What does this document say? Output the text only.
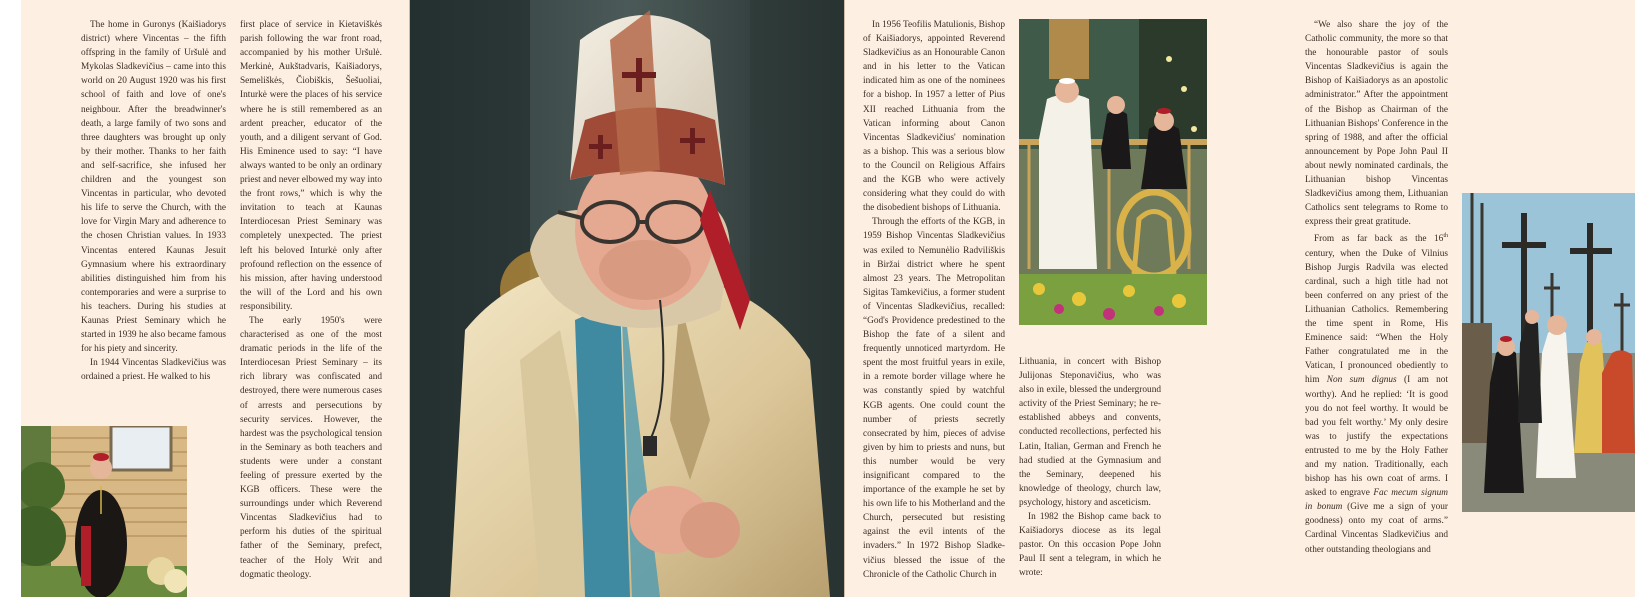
The home in Guronys (Kaišiadorys district) where Vincentas – the fifth offspring in the family of Uršulė and Mykolas Sladkevičius – came into this world on 20 August 1920 was his first school of faith and love of one's neighbour. After the breadwinner's death, a large family of two sons and three daughters was brought up only by their mother. Thanks to her faith and self-sacrifice, she infused her children and the youngest son Vincentas in particular, who devoted his life to serve the Church, with the love for Virgin Mary and adherence to the chosen Christian values. In 1933 Vincentas entered Kaunas Jesuit Gymnasium where his extraordinary abilities distinguished him from his contemporaries and were a surprise to his teachers. During his studies at Kaunas Priest Seminary which he started in 1939 he also became famous for his piety and sincerity.

In 1944 Vincentas Sladkevičius was ordained a priest. He walked to his

first place of service in Kietaviškės parish following the war front road, accompanied by his mother Uršulė. Merkinė, Aukštadvaris, Kaišiadorys, Semeliškės, Čiobiškis, Šešuoliai, Inturkė were the places of his service where he is still remembered as an ardent preacher, educator of the youth, and a diligent servant of God. His Eminence used to say: “I have always wanted to be only an ordinary priest and never elbowed my way into the front rows,” which is why the invitation to teach at Kaunas Interdiocesan Priest Seminary was completely unexpected. The priest left his beloved Inturkė only after profound reflection on the essence of his mission, after having understood the will of the Lord and his own responsibility.

The early 1950's were characterised as one of the most dramatic periods in the life of the Interdiocesan Priest Seminary – its rich library was confiscated and destroyed, there were numerous cases of arrests and persecutions by security services. However, the hardest was the psychological tension in the Seminary as both teachers and students were under a constant feeling of pressure exerted by the KGB officers. These were the surroundings under which Reverend Vincentas Sladkevičius had to perform his duties of the spiritual father of the Seminary, prefect, teacher of the Holy Writ and dogmatic theology.

In 1956 Teofilis Matulionis, Bishop of Kaišiadorys, appointed Reverend Sladkevičius as an Honourable Canon and in his letter to the Vatican indicated him as one of the nominees for a bishop. In 1957 a letter of Pius XII reached Lithuania from the Vatican informing about Canon Vincentas Sladkevičius' nomination as a bishop. This was a serious blow to the Council on Religious Affairs and the KGB who were actively considering what they could do with the disobedient bishops of Lithuania.

Through the efforts of the KGB, in 1959 Bishop Vincentas Sladkevičius was exiled to Nemunėlio Radviliškis in Biržai district where he spent almost 23 years. The Metropolitan Sigitas Tamkevičius, a former student of Vincentas Sladkevičius, recalled: “God's Providence predestined to the Bishop the fate of a silent and frequently unnoticed martyrdom. He spent the most fruitful years in exile, in a remote border village where he was constantly spied by watchful KGB agents. One could count the number of priests secretly consecrated by him, pieces of advise given by him to priests and nuns, but this number would be very insignificant compared to the importance of the example he set by his own life to his Motherland and the Church, persecuted but resisting against the evil intents of the invaders.” In 1972 Bishop Sladke-vičius blessed the issue of the Chronicle of the Catholic Church in

Lithuania, in concert with Bishop Julijonas Steponavičius, who was also in exile, blessed the underground activity of the Priest Seminary; he re-established abbeys and convents, conducted recollections, perfected his Latin, Italian, German and French he had studied at the Gymnasium and the Seminary, deepened his knowledge of theology, church law, psychology, history and asceticism.

In 1982 the Bishop came back to Kaišiadorys diocese as its legal pastor. On this occasion Pope John Paul II sent a telegram, in which he wrote:

“We also share the joy of the Catholic community, the more so that the honourable pastor of souls Vincentas Sladkevičius is again the Bishop of Kaišiadorys as an apostolic administrator.” After the appointment of the Bishop as Chairman of the Lithuanian Bishops' Conference in the spring of 1988, and after the official announcement by Pope John Paul II about newly nominated cardinals, the Lithuanian bishop Vincentas Sladkevičius among them, Lithuanian Catholics sent telegrams to Rome to express their great gratitude.

From as far back as the 16th century, when the Duke of Vilnius Bishop Jurgis Radvila was elected cardinal, such a high title had not been conferred on any priest of the Lithuanian Catholics. Remembering the time spent in Rome, His Eminence said: “When the Holy Father congratulated me in the Vatican, I pronounced obediently to him Non sum dignus (I am not worthy). And he replied: ‘It is good you do not feel worthy. It would be bad you felt worthy.’ My only desire was to justify the expectations entrusted to me by the Holy Father and my nation. Traditionally, each bishop has his own coat of arms. I asked to engrave Fac mecum signum in bonum (Give me a sign of your goodness) onto my coat of arms.” Cardinal Vincentas Sladkevičius and other outstanding theologians and
